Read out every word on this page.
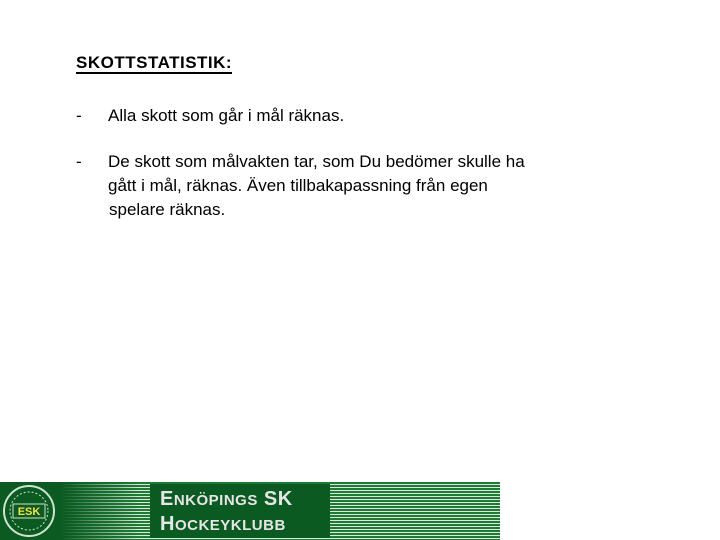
SKOTTSTATISTIK:
- Alla skott som går i mål räknas.
- De skott som målvakten tar, som Du bedömer skulle ha
gått i mål, räknas. Även tillbakapassning från egen
spelare räknas.
ESK
ENKÖPINGS SK
HOCKEYKLUBB
